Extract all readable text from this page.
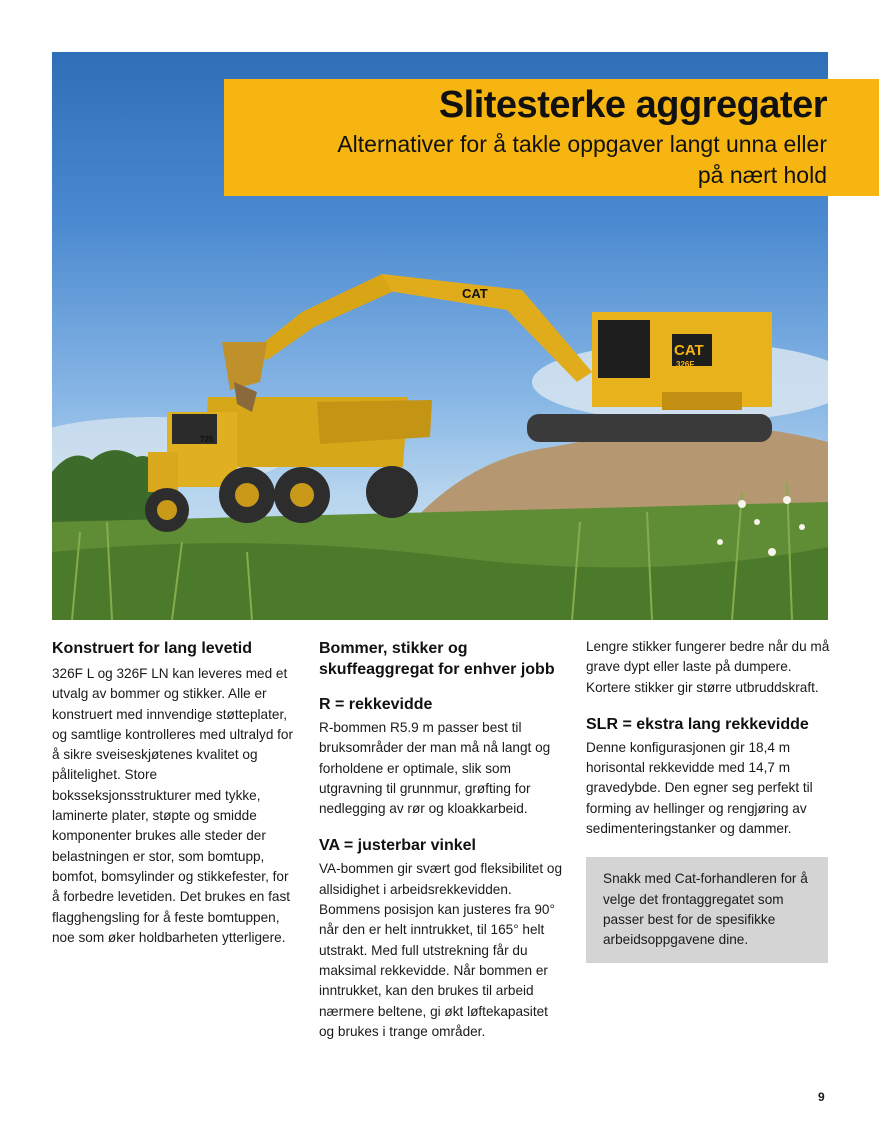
CAT
CAT
326F
725
Slitesterke aggregater

Alternativer for å takle oppgaver langt unna eller på nært hold

Konstruert for lang levetid

326F L og 326F LN kan leveres med et utvalg av bommer og stikker. Alle er konstruert med innvendige støtteplater, og samtlige kontrolleres med ultralyd for å sikre sveiseskjøtenes kvalitet og pålitelighet. Store boksseksjonsstrukturer med tykke, laminerte plater, støpte og smidde komponenter brukes alle steder der belastningen er stor, som bomtupp, bomfot, bomsylinder og stikkefester, for å forbedre levetiden. Det brukes en fast flagghengsling for å feste bomtuppen, noe som øker holdbarheten ytterligere.

Bommer, stikker og skuffeaggregat for enhver jobb
R = rekkevidde

R-bommen R5.9 m passer best til bruksområder der man må nå langt og forholdene er optimale, slik som utgravning til grunnmur, grøfting for nedlegging av rør og kloakkarbeid.

VA = justerbar vinkel

VA-bommen gir svært god fleksibilitet og allsidighet i arbeidsrekkevidden. Bommens posisjon kan justeres fra 90° når den er helt inntrukket, til 165° helt utstrakt. Med full utstrekning får du maksimal rekkevidde. Når bommen er inntrukket, kan den brukes til arbeid nærmere beltene, gi økt løftekapasitet og brukes i trange områder.

Lengre stikker fungerer bedre når du må grave dypt eller laste på dumpere. Kortere stikker gir større utbruddskraft.

SLR = ekstra lang rekkevidde

Denne konfigurasjonen gir 18,4 m horisontal rekkevidde med 14,7 m gravedybde. Den egner seg perfekt til forming av hellinger og rengjøring av sedimenteringstanker og dammer.

Snakk med Cat-forhandleren for å velge det frontaggregatet som passer best for de spesifikke arbeidsoppgavene dine.

9
